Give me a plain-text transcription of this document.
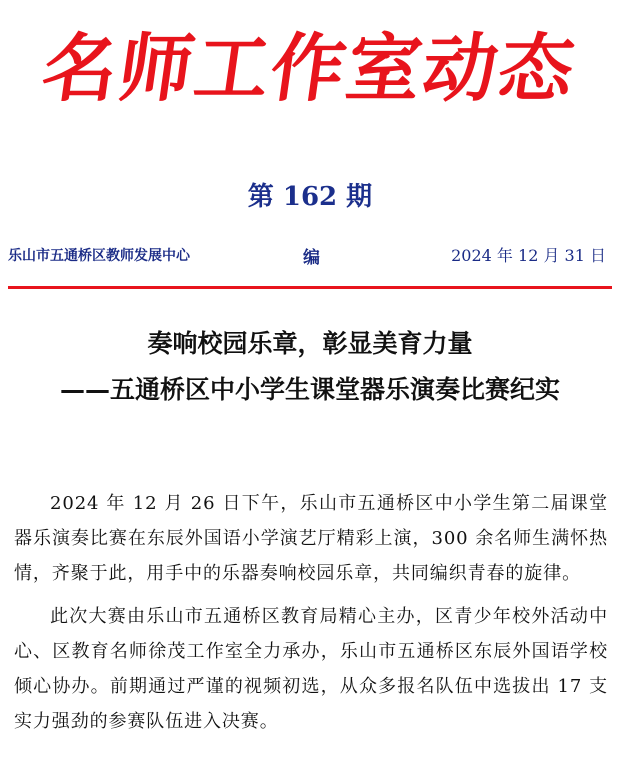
名师工作室动态
第 162 期
乐山市五通桥区教师发展中心	编	2024 年 12 月 31 日
奏响校园乐章，彰显美育力量
——五通桥区中小学生课堂器乐演奏比赛纪实

2024 年 12 月 26 日下午，乐山市五通桥区中小学生第二届课堂器乐演奏比赛在东辰外国语小学演艺厅精彩上演，300 余名师生满怀热情，齐聚于此，用手中的乐器奏响校园乐章，共同编织青春的旋律。

此次大赛由乐山市五通桥区教育局精心主办，区青少年校外活动中心、区教育名师徐茂工作室全力承办，乐山市五通桥区东辰外国语学校倾心协办。前期通过严谨的视频初选，从众多报名队伍中选拔出 17 支实力强劲的参赛队伍进入决赛。
